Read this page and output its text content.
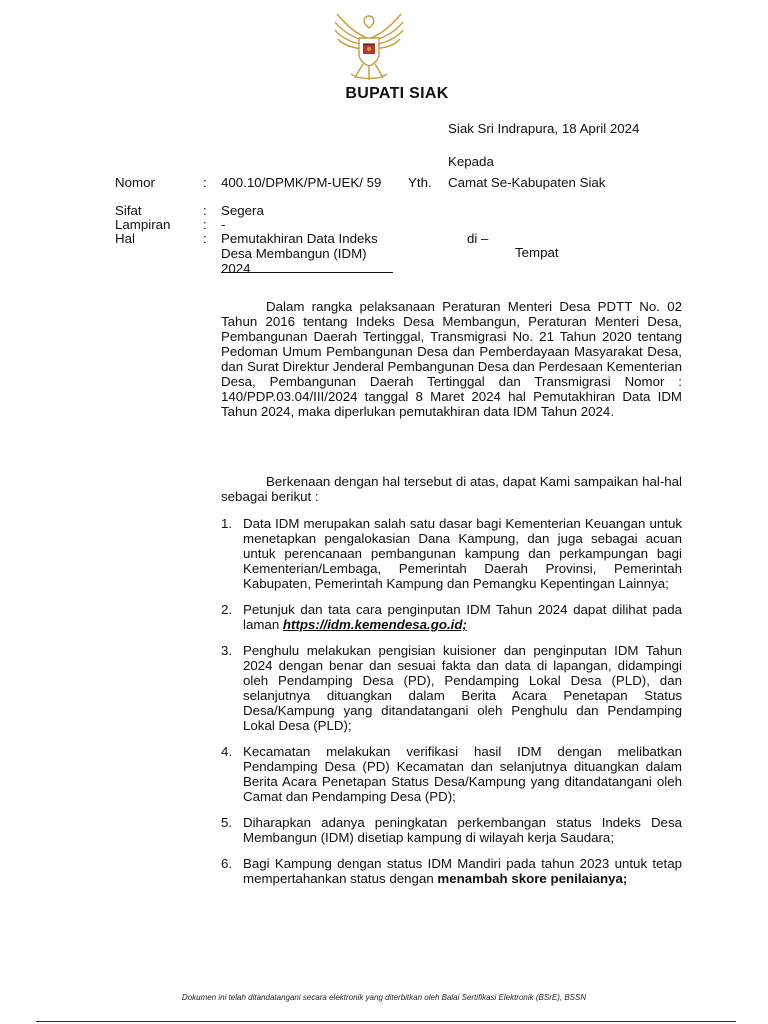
BUPATI SIAK
Siak Sri Indrapura, 18 April 2024
Kepada
Nomor	: 400.10/DPMK/PM-UEK/ 59
Sifat	: Segera
Lampiran : -
Hal	: Pemutakhiran Data Indeks Desa Membangun (IDM) 2024
Yth. Camat Se-Kabupaten Siak
di –
Tempat

Dalam rangka pelaksanaan Peraturan Menteri Desa PDTT No. 02 Tahun 2016 tentang Indeks Desa Membangun, Peraturan Menteri Desa, Pembangunan Daerah Tertinggal, Transmigrasi No. 21 Tahun 2020 tentang Pedoman Umum Pembangunan Desa dan Pemberdayaan Masyarakat Desa, dan Surat Direktur Jenderal Pembangunan Desa dan Perdesaan Kementerian Desa, Pembangunan Daerah Tertinggal dan Transmigrasi Nomor : 140/PDP.03.04/III/2024 tanggal 8 Maret 2024 hal Pemutakhiran Data IDM Tahun 2024, maka diperlukan pemutakhiran data IDM Tahun 2024.

Berkenaan dengan hal tersebut di atas, dapat Kami sampaikan hal-hal sebagai berikut :

1. Data IDM merupakan salah satu dasar bagi Kementerian Keuangan untuk menetapkan pengalokasian Dana Kampung, dan juga sebagai acuan untuk perencanaan pembangunan kampung dan perkampungan bagi Kementerian/Lembaga, Pemerintah Daerah Provinsi, Pemerintah Kabupaten, Pemerintah Kampung dan Pemangku Kepentingan Lainnya;
2. Petunjuk dan tata cara penginputan IDM Tahun 2024 dapat dilihat pada laman https://idm.kemendesa.go.id;
3. Penghulu melakukan pengisian kuisioner dan penginputan IDM Tahun 2024 dengan benar dan sesuai fakta dan data di lapangan, didampingi oleh Pendamping Desa (PD), Pendamping Lokal Desa (PLD), dan selanjutnya dituangkan dalam Berita Acara Penetapan Status Desa/Kampung yang ditandatangani oleh Penghulu dan Pendamping Lokal Desa (PLD);
4. Kecamatan melakukan verifikasi hasil IDM dengan melibatkan Pendamping Desa (PD) Kecamatan dan selanjutnya dituangkan dalam Berita Acara Penetapan Status Desa/Kampung yang ditandatangani oleh Camat dan Pendamping Desa (PD);
5. Diharapkan adanya peningkatan perkembangan status Indeks Desa Membangun (IDM) disetiap kampung di wilayah kerja Saudara;
6. Bagi Kampung dengan status IDM Mandiri pada tahun 2023 untuk tetap mempertahankan status dengan menambah skore penilaianya;
Dokumen ini telah ditandatangani secara elektronik yang diterbitkan oleh Balai Sertifikasi Elektronik (BSrE), BSSN
